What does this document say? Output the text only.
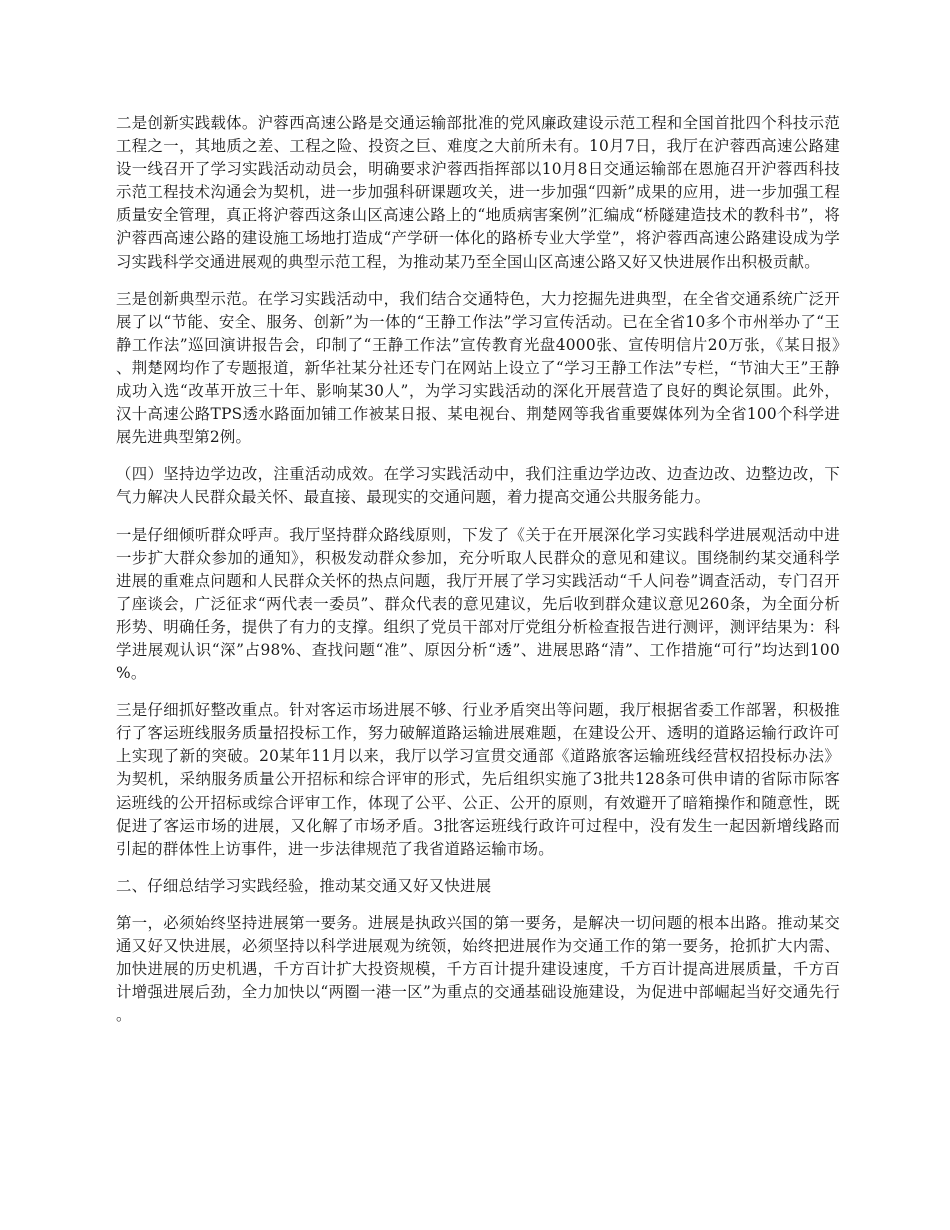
二是创新实践载体。沪蓉西高速公路是交通运输部批准的党风廉政建设示范工程和全国首批四个科技示范工程之一，其地质之差、工程之险、投资之巨、难度之大前所未有。10月7日，我厅在沪蓉西高速公路建设一线召开了学习实践活动动员会，明确要求沪蓉西指挥部以10月8日交通运输部在恩施召开沪蓉西科技示范工程技术沟通会为契机，进一步加强科研课题攻关，进一步加强“四新”成果的应用，进一步加强工程质量安全管理，真正将沪蓉西这条山区高速公路上的“地质病害案例”汇编成“桥隧建造技术的教科书”，将沪蓉西高速公路的建设施工场地打造成“产学研一体化的路桥专业大学堂”，将沪蓉西高速公路建设成为学习实践科学交通进展观的典型示范工程，为推动某乃至全国山区高速公路又好又快进展作出积极贡献。

三是创新典型示范。在学习实践活动中，我们结合交通特色，大力挖掘先进典型，在全省交通系统广泛开展了以“节能、安全、服务、创新”为一体的“王静工作法”学习宣传活动。已在全省10多个市州举办了“王静工作法”巡回演讲报告会，印制了“王静工作法”宣传教育光盘4000张、宣传明信片20万张，《某日报》、荆楚网均作了专题报道，新华社某分社还专门在网站上设立了“学习王静工作法”专栏，“节油大王”王静成功入选“改革开放三十年、影响某30人”，为学习实践活动的深化开展营造了良好的舆论氛围。此外，汉十高速公路TPS透水路面加铺工作被某日报、某电视台、荆楚网等我省重要媒体列为全省100个科学进展先进典型第2例。

（四）坚持边学边改，注重活动成效。在学习实践活动中，我们注重边学边改、边查边改、边整边改，下气力解决人民群众最关怀、最直接、最现实的交通问题，着力提高交通公共服务能力。

一是仔细倾听群众呼声。我厅坚持群众路线原则，下发了《关于在开展深化学习实践科学进展观活动中进一步扩大群众参加的通知》，积极发动群众参加，充分听取人民群众的意见和建议。围绕制约某交通科学进展的重难点问题和人民群众关怀的热点问题，我厅开展了学习实践活动“千人问卷”调查活动，专门召开了座谈会，广泛征求“两代表一委员”、群众代表的意见建议，先后收到群众建议意见260条，为全面分析形势、明确任务，提供了有力的支撑。组织了党员干部对厅党组分析检查报告进行测评，测评结果为：科学进展观认识“深”占98%、查找问题“准”、原因分析“透”、进展思路“清”、工作措施“可行”均达到100%。

三是仔细抓好整改重点。针对客运市场进展不够、行业矛盾突出等问题，我厅根据省委工作部署，积极推行了客运班线服务质量招投标工作，努力破解道路运输进展难题，在建设公开、透明的道路运输行政许可上实现了新的突破。20某年11月以来，我厅以学习宣贯交通部《道路旅客运输班线经营权招投标办法》为契机，采纳服务质量公开招标和综合评审的形式，先后组织实施了3批共128条可供申请的省际市际客运班线的公开招标或综合评审工作，体现了公平、公正、公开的原则，有效避开了暗箱操作和随意性，既促进了客运市场的进展，又化解了市场矛盾。3批客运班线行政许可过程中，没有发生一起因新增线路而引起的群体性上访事件，进一步法律规范了我省道路运输市场。

二、仔细总结学习实践经验，推动某交通又好又快进展

第一，必须始终坚持进展第一要务。进展是执政兴国的第一要务，是解决一切问题的根本出路。推动某交通又好又快进展，必须坚持以科学进展观为统领，始终把进展作为交通工作的第一要务，抢抓扩大内需、加快进展的历史机遇，千方百计扩大投资规模，千方百计提升建设速度，千方百计提高进展质量，千方百计增强进展后劲，全力加快以“两圈一港一区”为重点的交通基础设施建设，为促进中部崛起当好交通先行。
